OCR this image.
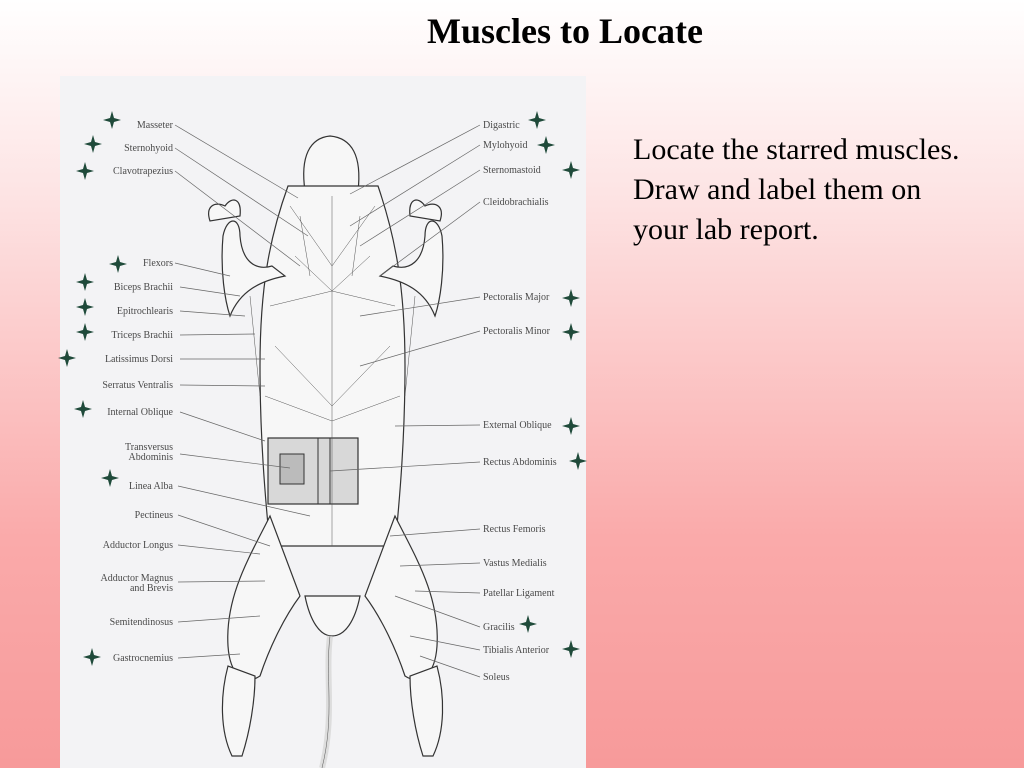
Muscles to Locate
Masseter
Sternohyoid
Clavotrapezius
Flexors
Biceps Brachii
Epitrochlearis
Triceps Brachii
Latissimus Dorsi
Serratus Ventralis
Internal Oblique
Transversus
Abdominis
Linea Alba
Pectineus
Adductor Longus
Adductor Magnus
and Brevis
Semitendinosus
Gastrocnemius
Digastric
Mylohyoid
Sternomastoid
Cleidobrachialis
Pectoralis Major
Pectoralis Minor
External Oblique
Rectus Abdominis
Rectus Femoris
Vastus Medialis
Patellar Ligament
Gracilis
Tibialis Anterior
Soleus
Locate the starred muscles. Draw and label them on your lab report.
